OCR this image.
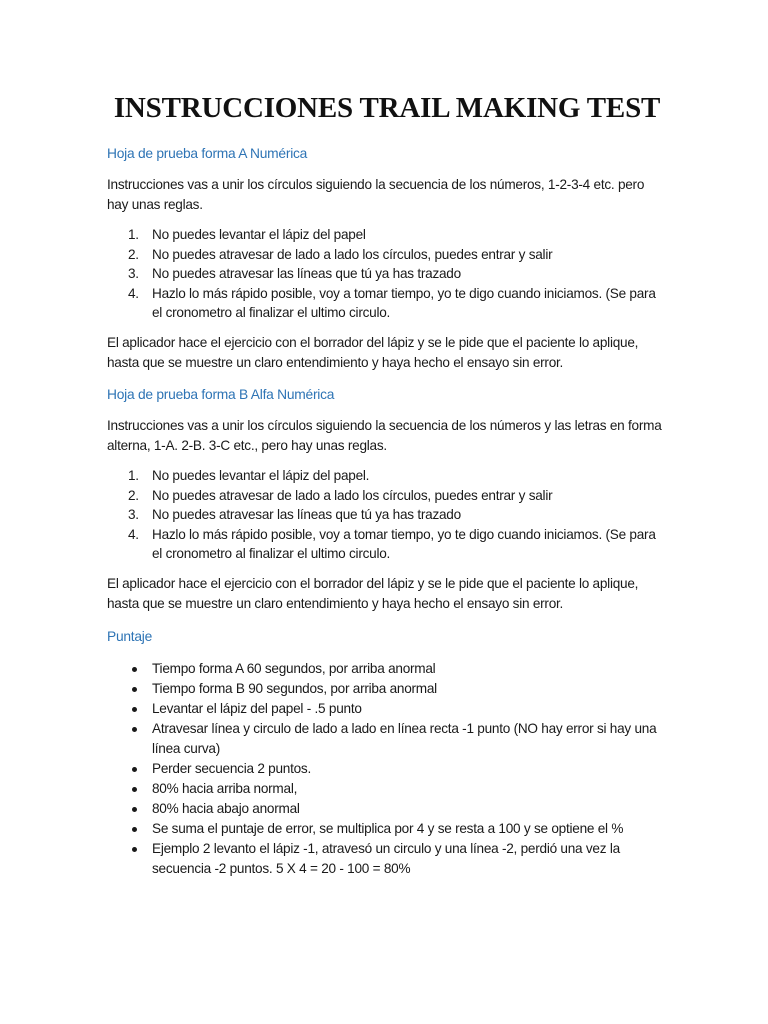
INSTRUCCIONES TRAIL MAKING TEST
Hoja de prueba forma A Numérica

Instrucciones vas a unir los círculos siguiendo la secuencia de los números, 1-2-3-4 etc. pero hay unas reglas.

1. No puedes levantar el lápiz del papel
2. No puedes atravesar de lado a lado los círculos, puedes entrar y salir
3. No puedes atravesar las líneas que tú ya has trazado
4. Hazlo lo más rápido posible, voy a tomar tiempo, yo te digo cuando iniciamos. (Se para el cronometro al finalizar el ultimo circulo.

El aplicador hace el ejercicio con el borrador del lápiz y se le pide que el paciente lo aplique, hasta que se muestre un claro entendimiento y haya hecho el ensayo sin error.

Hoja de prueba forma B Alfa Numérica

Instrucciones vas a unir los círculos siguiendo la secuencia de los números y las letras en forma alterna, 1-A. 2-B. 3-C etc., pero hay unas reglas.

1. No puedes levantar el lápiz del papel.
2. No puedes atravesar de lado a lado los círculos, puedes entrar y salir
3. No puedes atravesar las líneas que tú ya has trazado
4. Hazlo lo más rápido posible, voy a tomar tiempo, yo te digo cuando iniciamos. (Se para el cronometro al finalizar el ultimo circulo.

El aplicador hace el ejercicio con el borrador del lápiz y se le pide que el paciente lo aplique, hasta que se muestre un claro entendimiento y haya hecho el ensayo sin error.

Puntaje
Tiempo forma A 60 segundos, por arriba anormal
Tiempo forma B 90 segundos, por arriba anormal
Levantar el lápiz del papel - .5 punto
Atravesar línea y circulo de lado a lado en línea recta -1 punto (NO hay error si hay una línea curva)
Perder secuencia 2 puntos.
80% hacia arriba normal,
80% hacia abajo anormal
Se suma el puntaje de error, se multiplica por 4 y se resta a 100 y se optiene el %
Ejemplo 2 levanto el lápiz -1, atravesó un circulo y una línea -2, perdió una vez la secuencia -2 puntos. 5 X 4 = 20 - 100 = 80%
